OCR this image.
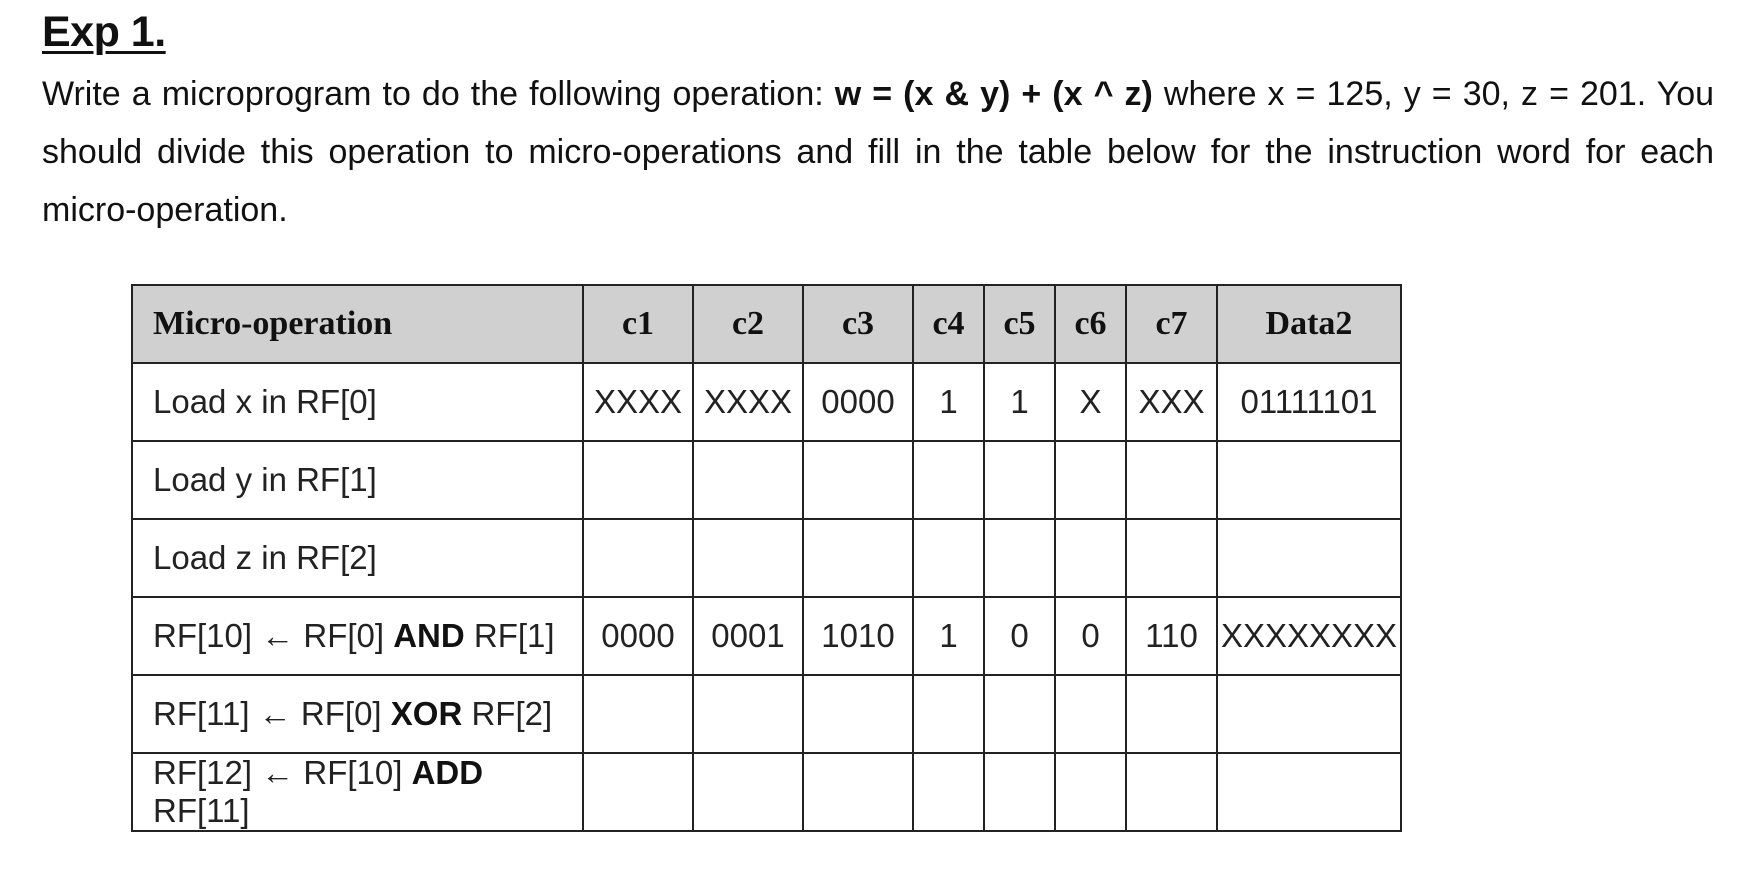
Exp 1.

Write a microprogram to do the following operation: w = (x & y) + (x ^ z) where x = 125, y = 30, z = 201. You should divide this operation to micro-operations and fill in the table below for the instruction word for each micro-operation.

Micro-operation	c1	c2	c3	c4	c5	c6	c7	Data2
Load x in RF[0]	XXXX	XXXX	0000	1	1	X	XXX	01111101
Load y in RF[1]								
Load z in RF[2]								
RF[10] ← RF[0] AND RF[1]	0000	0001	1010	1	0	0	110	XXXXXXXX
RF[11] ← RF[0] XOR RF[2]								
RF[12] ← RF[10] ADD RF[11]								
